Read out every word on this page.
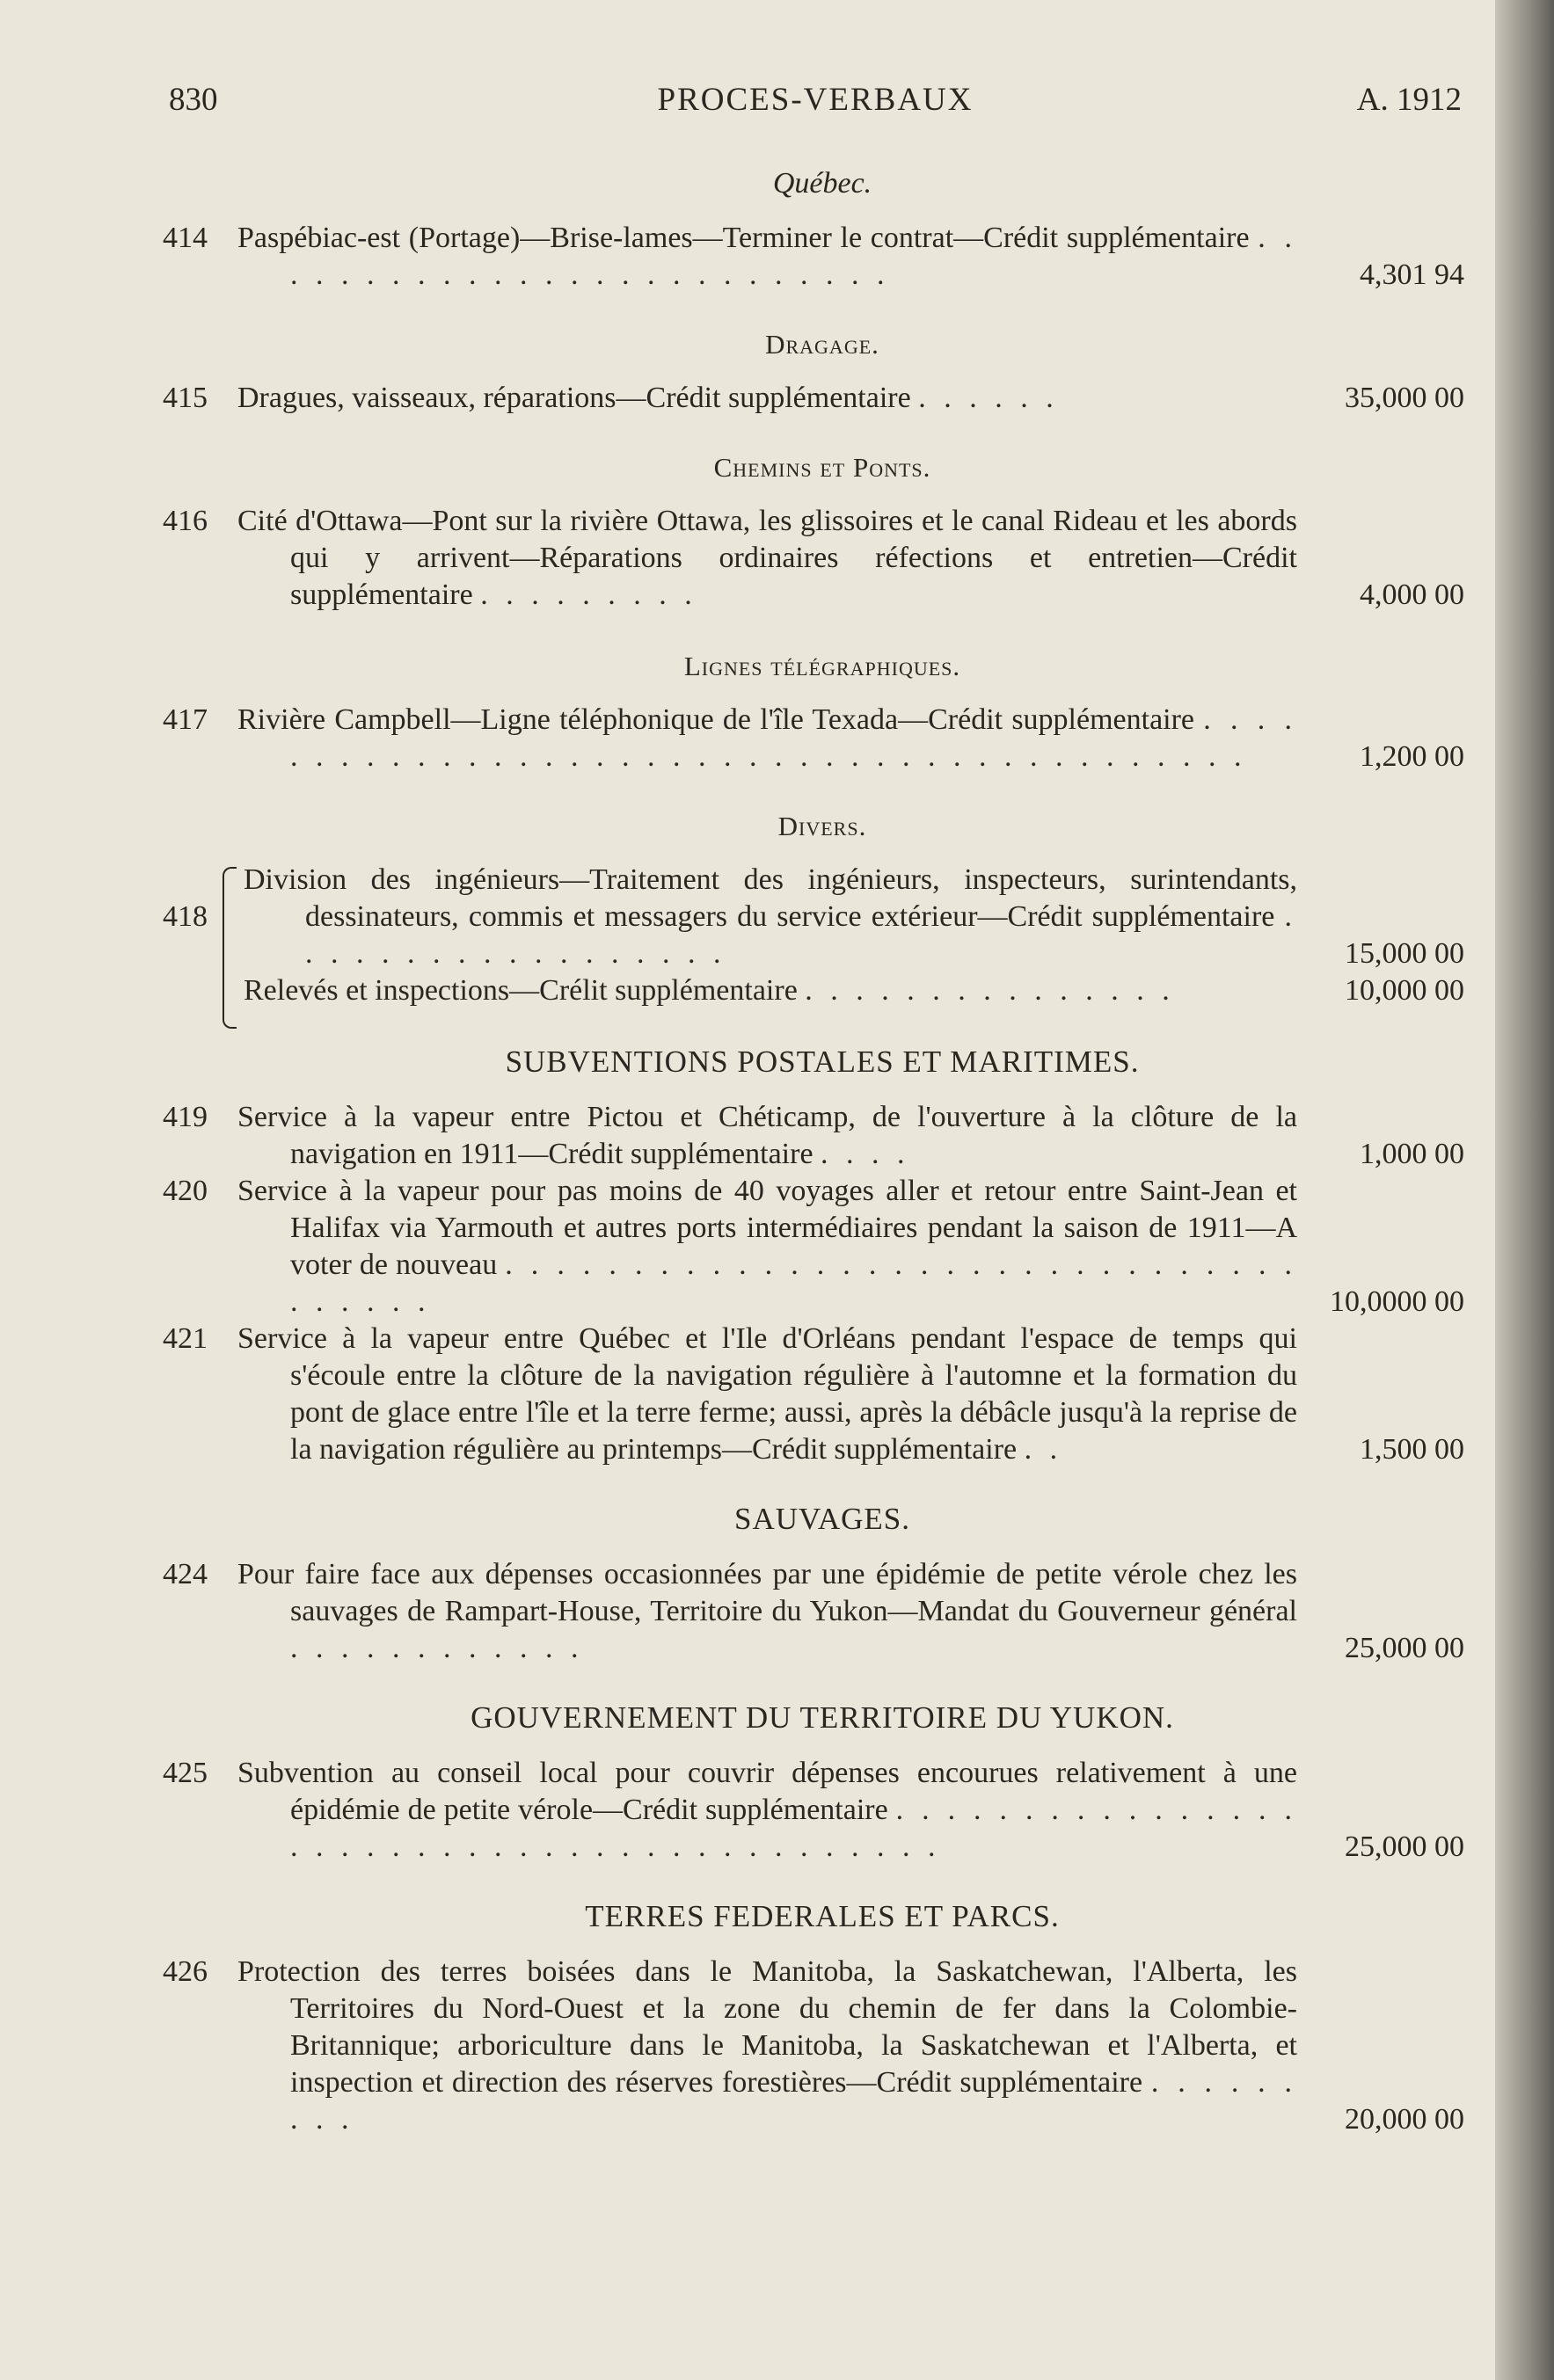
830	PROCES-VERBAUX	A. 1912
Québec.
414 Paspébiac-est (Portage)—Brise-lames—Terminer le contrat—Crédit supplémentaire . . . . . . . . . . . . . . . . . . . . . . . . . .	4,301 94
Dragage.
415 Dragues, vaisseaux, réparations—Crédit supplémentaire . . . . . .	35,000 00
Chemins et Ponts.
416 Cité d'Ottawa—Pont sur la rivière Ottawa, les glissoires et le canal Rideau et les abords qui y arrivent—Réparations ordinaires réfections et entretien—Crédit supplémentaire . . . . . . . . .	4,000 00
Lignes télégraphiques.
417 Rivière Campbell—Ligne téléphonique de l'île Texada—Crédit supplémentaire . . . . . . . . . . . . . . . . . . . . . . . . . . . . . . . . . . . . . . . . . .	1,200 00
Divers.
418
Division des ingénieurs—Traitement des ingénieurs, inspecteurs, surintendants, dessinateurs, commis et messagers du service extérieur—Crédit supplémentaire . . . . . . . . . . . . . . . . . .	15,000 00
Relevés et inspections—Crélit supplémentaire . . . . . . . . . . . . . . .	10,000 00
SUBVENTIONS POSTALES ET MARITIMES.
419 Service à la vapeur entre Pictou et Chéticamp, de l'ouverture à la clôture de la navigation en 1911—Crédit supplémentaire . . . .	1,000 00
420 Service à la vapeur pour pas moins de 40 voyages aller et retour entre Saint-Jean et Halifax via Yarmouth et autres ports intermédiaires pendant la saison de 1911—A voter de nouveau . . . . . . . . . . . . . . . . . . . . . . . . . . . . . . . . . . . . .	10,0000 00
421 Service à la vapeur entre Québec et l'Ile d'Orléans pendant l'espace de temps qui s'écoule entre la clôture de la navigation régulière à l'automne et la formation du pont de glace entre l'île et la terre ferme; aussi, après la débâcle jusqu'à la reprise de la navigation régulière au printemps—Crédit supplémentaire . .	1,500 00
SAUVAGES.
424 Pour faire face aux dépenses occasionnées par une épidémie de petite vérole chez les sauvages de Rampart-House, Territoire du Yukon—Mandat du Gouverneur général . . . . . . . . . . . .	25,000 00
GOUVERNEMENT DU TERRITOIRE DU YUKON.
425 Subvention au conseil local pour couvrir dépenses encourues relativement à une épidémie de petite vérole—Crédit supplémentaire . . . . . . . . . . . . . . . . . . . . . . . . . . . . . . . . . . . . . . . . . .	25,000 00
TERRES FEDERALES ET PARCS.
426 Protection des terres boisées dans le Manitoba, la Saskatchewan, l'Alberta, les Territoires du Nord-Ouest et la zone du chemin de fer dans la Colombie-Britannique; arboriculture dans le Manitoba, la Saskatchewan et l'Alberta, et inspection et direction des réserves forestières—Crédit supplémentaire . . . . . . . . .	20,000 00
